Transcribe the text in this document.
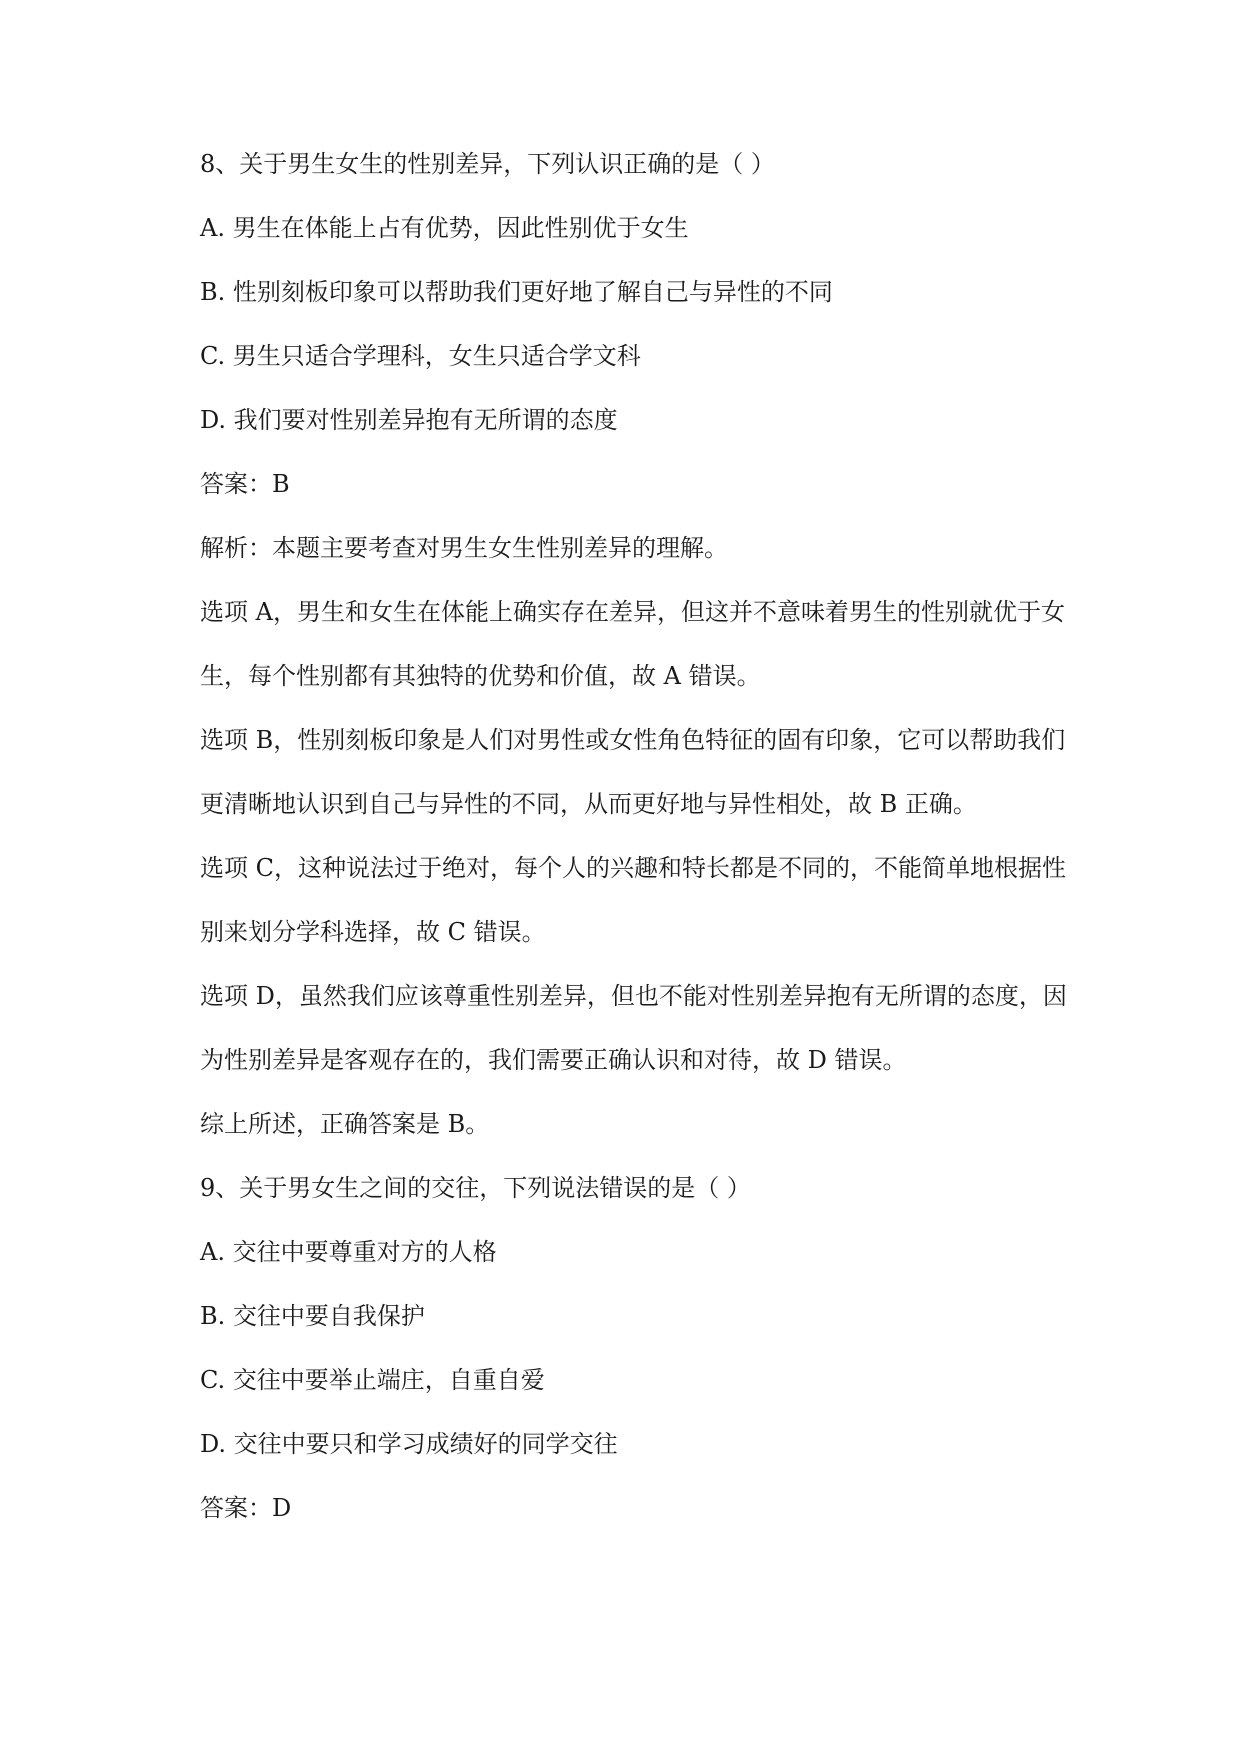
8、关于男生女生的性别差异，下列认识正确的是（ ）
A. 男生在体能上占有优势，因此性别优于女生
B. 性别刻板印象可以帮助我们更好地了解自己与异性的不同
C. 男生只适合学理科，女生只适合学文科
D. 我们要对性别差异抱有无所谓的态度
答案：B
解析：本题主要考查对男生女生性别差异的理解。
选项 A，男生和女生在体能上确实存在差异，但这并不意味着男生的性别就优于女
生，每个性别都有其独特的优势和价值，故 A 错误。
选项 B，性别刻板印象是人们对男性或女性角色特征的固有印象，它可以帮助我们
更清晰地认识到自己与异性的不同，从而更好地与异性相处，故 B 正确。
选项 C，这种说法过于绝对，每个人的兴趣和特长都是不同的，不能简单地根据性
别来划分学科选择，故 C 错误。
选项 D，虽然我们应该尊重性别差异，但也不能对性别差异抱有无所谓的态度，因
为性别差异是客观存在的，我们需要正确认识和对待，故 D 错误。
综上所述，正确答案是 B。
9、关于男女生之间的交往，下列说法错误的是（ ）
A. 交往中要尊重对方的人格
B. 交往中要自我保护
C. 交往中要举止端庄，自重自爱
D. 交往中要只和学习成绩好的同学交往
答案：D
